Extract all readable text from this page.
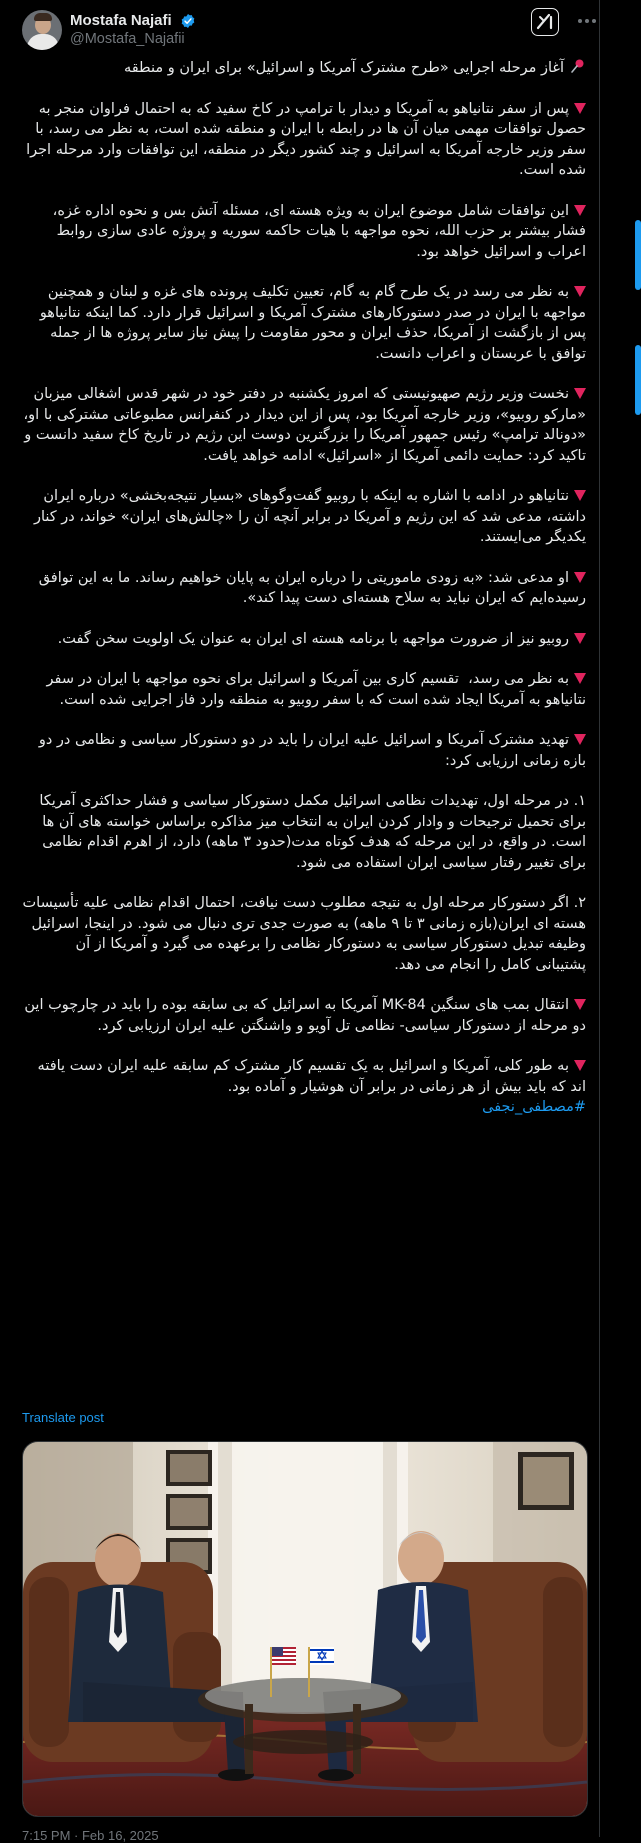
Mostafa Najafi
@Mostafa_Najafii

آغاز مرحله اجرایی «طرح مشترک آمریکا و اسرائیل» برای ایران و منطقه

پس از سفر نتانیاهو به آمریکا و دیدار با ترامپ در کاخ سفید که به احتمال فراوان منجر به حصول توافقات مهمی میان آن ها در رابطه با ایران و منطقه شده است، به نظر می رسد، با سفر وزیر خارجه آمریکا به اسرائیل و چند کشور دیگر در منطقه، این توافقات وارد مرحله اجرا شده است.

این توافقات شامل موضوع ایران به ویژه هسته ای، مسئله آتش بس و نحوه اداره غزه، فشار بیشتر بر حزب الله، نحوه مواجهه با هیات حاکمه سوریه و پروژه عادی سازی روابط اعراب و اسرائیل خواهد بود.

به نظر می رسد در یک طرح گام به گام، تعیین تکلیف پرونده های غزه و لبنان و همچنین مواجهه با ایران در صدر دستورکارهای مشترک آمریکا و اسرائیل قرار دارد. کما اینکه نتانیاهو پس از بازگشت از آمریکا، حذف ایران و محور مقاومت را پیش نیاز سایر پروژه ها از جمله توافق با عربستان و اعراب دانست.

نخست وزیر رژیم صهیونیستی که امروز یکشنبه در دفتر خود در شهر قدس اشغالی میزبان «مارکو روبیو»، وزیر خارجه آمریکا بود، پس از این دیدار در کنفرانس مطبوعاتی مشترکی با او، «دونالد ترامپ» رئیس جمهور آمریکا را بزرگترین دوست این رژیم در تاریخ کاخ سفید دانست و تاکید کرد: حمایت دائمی آمریکا از «اسرائیل» ادامه خواهد یافت.

نتانیاهو در ادامه با اشاره به اینکه با روبیو گفت‌وگوهای «بسیار نتیجه‌بخشی» درباره ایران داشته، مدعی شد که این رژیم و آمریکا در برابر آنچه آن را «چالش‌های ایران» خواند، در کنار یکدیگر می‌ایستند.

او مدعی شد: «به زودی ماموریتی را درباره ایران به پایان خواهیم رساند. ما به این توافق رسیده‌ایم که ایران نباید به سلاح هسته‌ای دست پیدا کند».

روبیو نیز از ضرورت مواجهه با برنامه هسته ای ایران به عنوان یک اولویت سخن گفت.

به نظر می رسد،  تقسیم کاری بین آمریکا و اسرائیل برای نحوه مواجهه با ایران در سفر نتانیاهو به آمریکا ایجاد شده است که با سفر روبیو به منطقه وارد فاز اجرایی شده است.

تهدید مشترک آمریکا و اسرائیل علیه ایران را باید در دو دستورکار سیاسی و نظامی در دو بازه زمانی ارزیابی کرد:

۱. در مرحله اول، تهدیدات نظامی اسرائیل مکمل دستورکار سیاسی و فشار حداکثری آمریکا برای تحمیل ترجیحات و وادار کردن ایران به انتخاب میز مذاکره براساس خواسته های آن ها است. در واقع، در این مرحله که هدف کوتاه مدت(حدود ۳ ماهه) دارد، از اهرم اقدام نظامی برای تغییر رفتار سیاسی ایران استفاده می شود.

۲. اگر دستورکار مرحله اول به نتیجه مطلوب دست نیافت، احتمال اقدام نظامی علیه تأسیسات هسته ای ایران(بازه زمانی ۳ تا ۹ ماهه) به صورت جدی تری دنبال می شود. در اینجا، اسرائیل وظیفه تبدیل دستورکار سیاسی به دستورکار نظامی را برعهده می گیرد و آمریکا از آن پشتیبانی کامل را انجام می دهد.

انتقال بمب های سنگین MK-84 آمریکا به اسرائیل که بی سابقه بوده را باید در چارچوب این دو مرحله از دستورکار سیاسی- نظامی تل آویو و واشنگتن علیه ایران ارزیابی کرد.

به طور کلی، آمریکا و اسرائیل به یک تقسیم کار مشترک کم سابقه علیه ایران دست یافته اند که باید بیش از هر زمانی در برابر آن هوشیار و آماده بود.

#مصطفی_نجفی

Translate post
7:15 PM · Feb 16, 2025
